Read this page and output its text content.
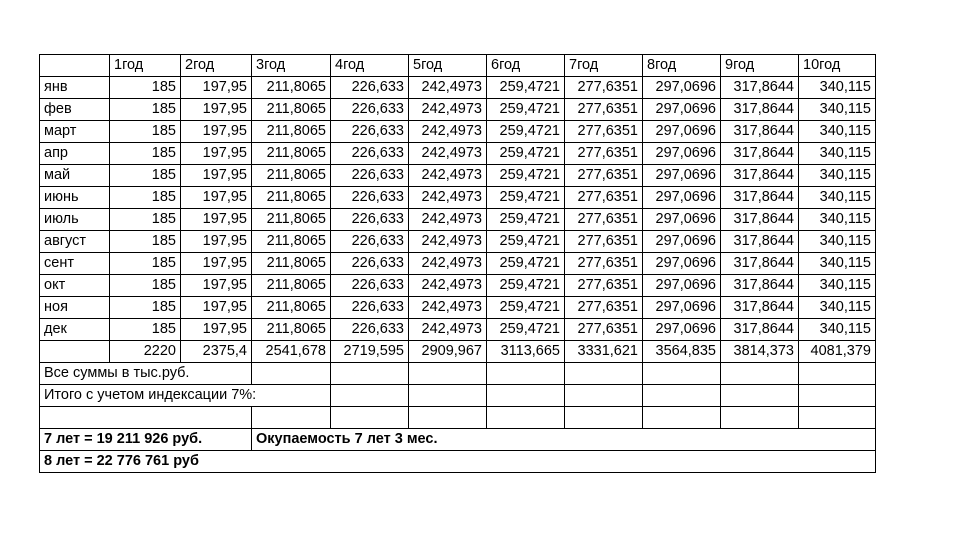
	1год	2год	3год	4год	5год	6год	7год	8год	9год	10год
янв	185	197,95	211,8065	226,633	242,4973	259,4721	277,6351	297,0696	317,8644	340,115
фев	185	197,95	211,8065	226,633	242,4973	259,4721	277,6351	297,0696	317,8644	340,115
март	185	197,95	211,8065	226,633	242,4973	259,4721	277,6351	297,0696	317,8644	340,115
апр	185	197,95	211,8065	226,633	242,4973	259,4721	277,6351	297,0696	317,8644	340,115
май	185	197,95	211,8065	226,633	242,4973	259,4721	277,6351	297,0696	317,8644	340,115
июнь	185	197,95	211,8065	226,633	242,4973	259,4721	277,6351	297,0696	317,8644	340,115
июль	185	197,95	211,8065	226,633	242,4973	259,4721	277,6351	297,0696	317,8644	340,115
август	185	197,95	211,8065	226,633	242,4973	259,4721	277,6351	297,0696	317,8644	340,115
сент	185	197,95	211,8065	226,633	242,4973	259,4721	277,6351	297,0696	317,8644	340,115
окт	185	197,95	211,8065	226,633	242,4973	259,4721	277,6351	297,0696	317,8644	340,115
ноя	185	197,95	211,8065	226,633	242,4973	259,4721	277,6351	297,0696	317,8644	340,115
дек	185	197,95	211,8065	226,633	242,4973	259,4721	277,6351	297,0696	317,8644	340,115
	2220	2375,4	2541,678	2719,595	2909,967	3113,665	3331,621	3564,835	3814,373	4081,379
Все суммы в тыс.руб.										
Итого с учетом индексации 7%:										

7 лет = 19 211 926 руб.			Окупаемость 7 лет 3 мес.							
8 лет = 22 776 761 руб										
